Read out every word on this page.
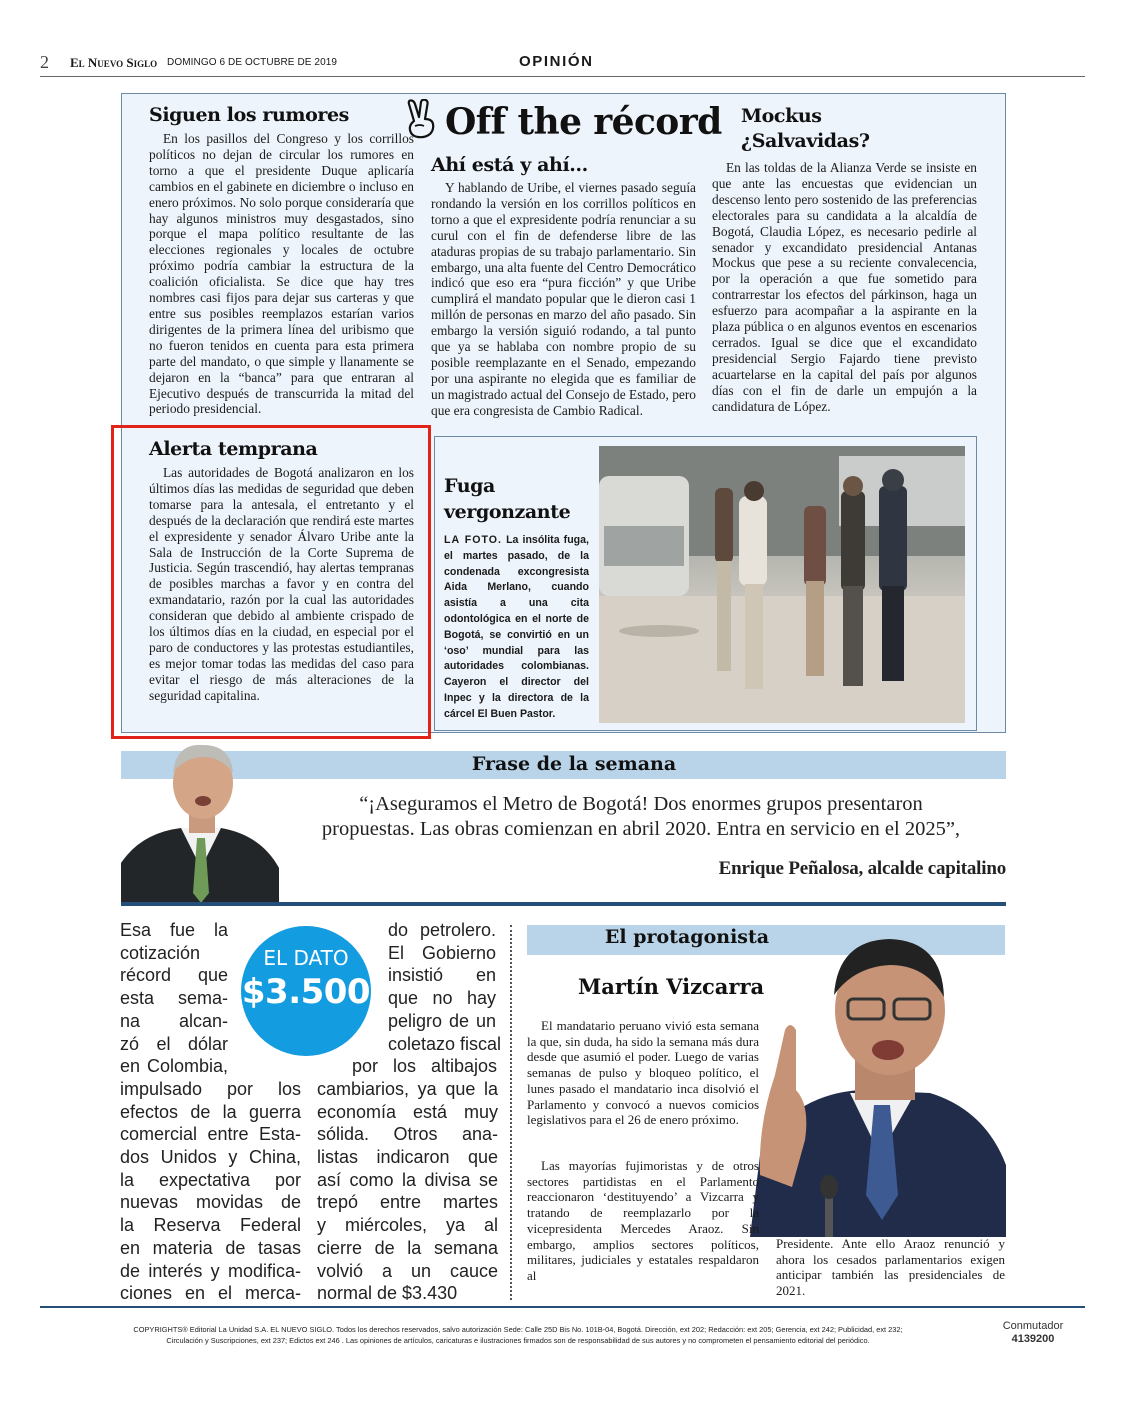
2 El Nuevo Siglo DOMINGO 6 DE OCTUBRE DE 2019	OPINIÓN
Off the récord
Siguen los rumores
En los pasillos del Congreso y los corrillos políticos no dejan de circular los rumores en torno a que el presidente Duque aplicaría cambios en el gabinete en diciembre o incluso en enero próximos. No solo porque consideraría que hay algunos ministros muy desgastados, sino porque el mapa político resultante de las elecciones regionales y locales de octubre próximo podría cambiar la estructura de la coalición oficialista. Se dice que hay tres nombres casi fijos para dejar sus carteras y que entre sus posibles reemplazos estarían varios dirigentes de la primera línea del uribismo que no fueron tenidos en cuenta para esta primera parte del mandato, o que simple y llanamente se dejaron en la “banca” para que entraran al Ejecutivo después de transcurrida la mitad del periodo presidencial.
Ahí está y ahí…
Y hablando de Uribe, el viernes pasado seguía rondando la versión en los corrillos políticos en torno a que el expresidente podría renunciar a su curul con el fin de defenderse libre de las ataduras propias de su trabajo parlamentario. Sin embargo, una alta fuente del Centro Democrático indicó que eso era “pura ficción” y que Uribe cumplirá el mandato popular que le dieron casi 1 millón de personas en marzo del año pasado. Sin embargo la versión siguió rodando, a tal punto que ya se hablaba con nombre propio de su posible reemplazante en el Senado, empezando por una aspirante no elegida que es familiar de un magistrado actual del Consejo de Estado, pero que era congresista de Cambio Radical.
Mockus
¿Salvavidas?
En las toldas de la Alianza Verde se insiste en que ante las encuestas que evidencian un descenso lento pero sostenido de las preferencias electorales para su candidata a la alcaldía de Bogotá, Claudia López, es necesario pedirle al senador y excandidato presidencial Antanas Mockus que pese a su reciente convalecencia, por la operación a que fue sometido para contrarrestar los efectos del párkinson, haga un esfuerzo para acompañar a la aspirante en la plaza pública o en algunos eventos en escenarios cerrados. Igual se dice que el excandidato presidencial Sergio Fajardo tiene previsto acuartelarse en la capital del país por algunos días con el fin de darle un empujón a la candidatura de López.
Alerta temprana
Las autoridades de Bogotá analizaron en los últimos días las medidas de seguridad que deben tomarse para la antesala, el entretanto y el después de la declaración que rendirá este martes el expresidente y senador Álvaro Uribe ante la Sala de Instrucción de la Corte Suprema de Justicia. Según trascendió, hay alertas tempranas de posibles marchas a favor y en contra del exmandatario, razón por la cual las autoridades consideran que debido al ambiente crispado de los últimos días en la ciudad, en especial por el paro de conductores y las protestas estudiantiles, es mejor tomar todas las medidas del caso para evitar el riesgo de más alteraciones de la seguridad capitalina.
Fuga
vergonzante
LA FOTO. La insólita fuga, el martes pasado, de la condenada excongresista Aida Merlano, cuando asistía a una cita odontológica en el norte de Bogotá, se convirtió en un ‘oso’ mundial para las autoridades colombianas. Cayeron el director del Inpec y la directora de la cárcel El Buen Pastor.
Frase de la semana
“¡Aseguramos el Metro de Bogotá! Dos enormes grupos presentaron
propuestas. Las obras comienzan en abril 2020. Entra en servicio en el 2025”,
Enrique Peñalosa, alcalde capitalino
EL DATO
$3.500
Esa fue la
cotización
récord que
esta sema-
na alcan-
zó el dólar
en Colombia,
impulsado por los
efectos de la guerra
comercial entre Esta-
dos Unidos y China,
la expectativa por
nuevas movidas de
la Reserva Federal
en materia de tasas
de interés y modifica-
ciones en el merca-
do petrolero.
El Gobierno
insistió en
que no hay
peligro de un
coletazo fiscal
por los altibajos
cambiarios, ya que la
economía está muy
sólida. Otros ana-
listas indicaron que
así como la divisa se
trepó entre martes
y miércoles, ya al
cierre de la semana
volvió a un cauce
normal de $3.430
El protagonista
Martín Vizcarra
El mandatario peruano vivió esta semana la que, sin duda, ha sido la semana más dura desde que asumió el poder. Luego de varias semanas de pulso y bloqueo político, el lunes pasado el mandatario inca disolvió el Parlamento y convocó a nuevos comicios legislativos para el 26 de enero próximo.
Las mayorías fujimoristas y de otros sectores partidistas en el Parlamento reaccionaron ‘destituyendo’ a Vizcarra y tratando de reemplazarlo por la vicepresidenta Mercedes Araoz. Sin embargo, amplios sectores políticos, militares, judiciales y estatales respaldaron al
Presidente. Ante ello Araoz renunció y ahora los cesados parlamentarios exigen anticipar también las presidenciales de 2021.
COPYRIGHTS® Editorial La Unidad S.A. EL NUEVO SIGLO. Todos los derechos reservados, salvo autorización Sede: Calle 25D Bis No. 101B-04, Bogotá. Dirección, ext 202; Redacción: ext 205; Gerencia, ext 242; Publicidad, ext 232;
Circulación y Suscripciones, ext 237; Edictos ext 246 . Las opiniones de artículos, caricaturas e ilustraciones firmados son de responsabilidad de sus autores y no comprometen el pensamiento editorial del periódico.
Conmutador
4139200
